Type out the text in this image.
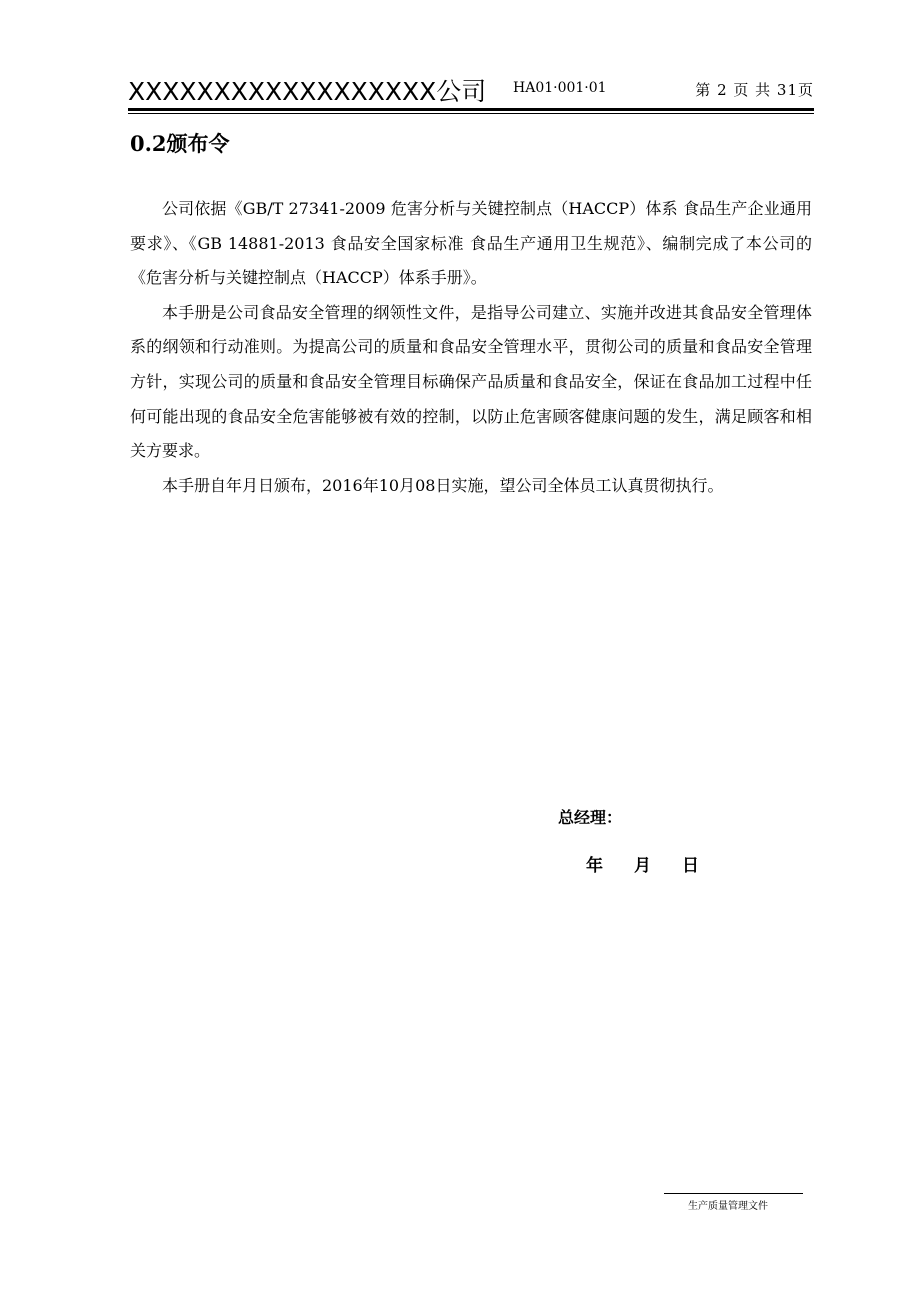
XXXXXXXXXXXXXXXXXX公司 HA01·001·01	第 2 页 共 31页
0.2颁布令

公司依据《GB/T 27341-2009 危害分析与关键控制点（HACCP）体系 食品生产企业通用要求》、《GB 14881-2013 食品安全国家标准 食品生产通用卫生规范》、编制完成了本公司的《危害分析与关键控制点（HACCP）体系手册》。

本手册是公司食品安全管理的纲领性文件，是指导公司建立、实施并改进其食品安全管理体系的纲领和行动准则。为提高公司的质量和食品安全管理水平，贯彻公司的质量和食品安全管理方针，实现公司的质量和食品安全管理目标确保产品质量和食品安全，保证在食品加工过程中任何可能出现的食品安全危害能够被有效的控制，以防止危害顾客健康问题的发生，满足顾客和相关方要求。

本手册自年月日颁布，2016年10月08日实施，望公司全体员工认真贯彻执行。

总经理：
年 月 日
生产质量管理文件
